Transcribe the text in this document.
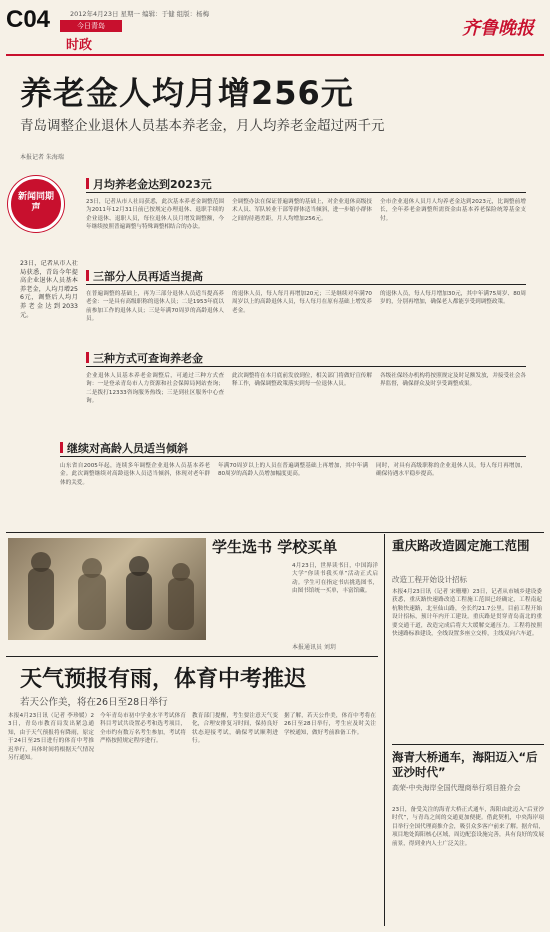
C04	2012年4月23日 星期一 编辑：于健 组版：杨梅
今日青岛
时政
齐鲁晚报
养老金人均月增256元
青岛调整企业退休人员基本养老金，月人均养老金超过两千元
本报记者 朱海瑞
新闻同期声
23日，记者从市人社局获悉，青岛今年提高企业退休人员基本养老金，人均月增256元，调整后人均月养老金达到2033元。
月均养老金达到2023元
23日，记者从市人社局获悉，此次基本养老金调整范围为2011年12月31日前已按规定办理退休、退职手续的企业退休、退职人员，每位退休人员月增发调整额，今年继续按照普遍调整与特殊调整相结合的办法。
全调整办法在保证普遍调整的基础上，对企业退休高级技术人员、军队转业干部等群体适当倾斜，进一步缩小群体之间的待遇差距，月人均增加256元。
全市企业退休人员月人均养老金达到2023元，比调整前增长，全年养老金调整所需资金由基本养老保险统筹基金支付。
三部分人员再适当提高
在普遍调整的基础上，再为三部分退休人员适当提高养老金：一是具有高级职称的退休人员；二是1953年底以前参加工作的退休人员；三是年满70周岁的高龄退休人员。
的退休人员，每人每月再增加20元；三是继续对年满70周岁以上的高龄退休人员，每人每月在原有基础上增发养老金。
的退休人员，每人每月增加30元，其中年满75周岁、80周岁的，分别再增加，确保老人都能享受到调整政策。
三种方式可查询养老金
企业退休人员基本养老金调整后，可通过三种方式查询：一是登录青岛市人力资源和社会保障局网站查询；二是拨打12333咨询服务热线；三是到社区服务中心查询。
此次调整将在本月底前发放到位，相关部门将做好宣传解释工作，确保调整政策落实到每一位退休人员。
各级社保经办机构将按照规定及时足额发放，并接受社会各界监督，确保群众及时享受调整成果。
继续对高龄人员适当倾斜
山东省自2005年起，连续多年调整企业退休人员基本养老金。此次调整继续对高龄退休人员适当倾斜，体现对老年群体的关爱。
年满70周岁以上的人员在普遍调整基础上再增加，其中年满80周岁的高龄人员增加幅度更高。
同时，对具有高级职称的企业退休人员，每人每月再增加，确保待遇水平稳步提高。
重庆路改造圆定施工范围
改造工程开始设计招标
本报4月23日讯（记者 宋珊珊）23日，记者从市城乡建设委获悉，重庆路快速路改造工程施工范围已经确定，工程南起杭鞍快速路，北至仙山路，全长约21.7公里。目前工程开始设计招标，预计年内开工建设。重庆路是贯穿青岛南北的重要交通干道，改造完成后将大大缓解交通压力。工程将按照快速路标准建设，全线设置多座立交桥，主线双向六车道。
海青大桥通车，海阳迈入“后亚沙时代”
高荣-中央海岸全国代理商举行项目推介会
23日，备受关注的海青大桥正式通车，海阳由此迈入“后亚沙时代”，与青岛之间的交通更加便捷。借此契机，中央海岸项目举行全国代理商推介会，吸引众多客户前来了解。据介绍，项目地处海阳核心区域，周边配套设施完善，具有良好的发展前景，得到业内人士广泛关注。
学生选书 学校买单
4月23日，世界读书日，中国海洋大学“你读书我买单”活动正式启动。学生可在指定书店挑选图书，由图书馆统一买单，丰富馆藏。
本报通讯员 刘玥
天气预报有雨，体育中考推迟
若天公作美，将在26日至28日举行
本报4月23日讯（记者 李珍媛）23日，青岛市教育局发出紧急通知，由于天气预报将有降雨，原定于24日至25日进行的体育中考推迟举行，具体时间将根据天气情况另行通知。
今年青岛市初中学业水平考试体育科目考试共设置必考和选考项目，全市约有数万名考生参加，考试将严格按照规定程序进行。
教育部门提醒，考生要注意天气变化，合理安排复习时间，保持良好状态迎接考试，确保考试顺利进行。
据了解，若天公作美，体育中考将在26日至28日举行，考生应及时关注学校通知，做好考前准备工作。
